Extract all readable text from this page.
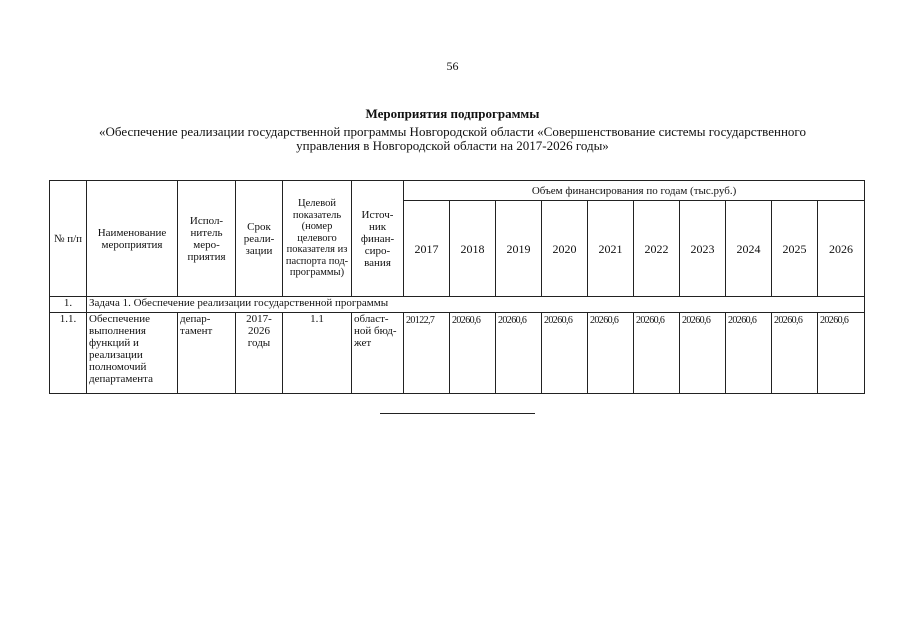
56
Мероприятия подпрограммы
«Обеспечение реализации государственной программы Новгородской области «Совершенствование системы государственного управления в Новгородской области на 2017-2026 годы»
№ п/п	Наименование мероприятия	Испол-нитель меро-приятия	Срок реали-зации	Целевой показатель (номер целевого показателя из паспорта под-программы)	Источ-ник финан-сиро-вания	Объем финансирования по годам (тыс.руб.)									
						2017	2018	2019	2020	2021	2022	2023	2024	2025	2026
1.	Задача 1. Обеспечение реализации государственной программы														
1.1.	Обеспечение выполнения функций и реализации полномочий департамента	депар-тамент	2017-2026 годы	1.1	област-ной бюд-жет	20122,7	20260,6	20260,6	20260,6	20260,6	20260,6	20260,6	20260,6	20260,6	20260,6
